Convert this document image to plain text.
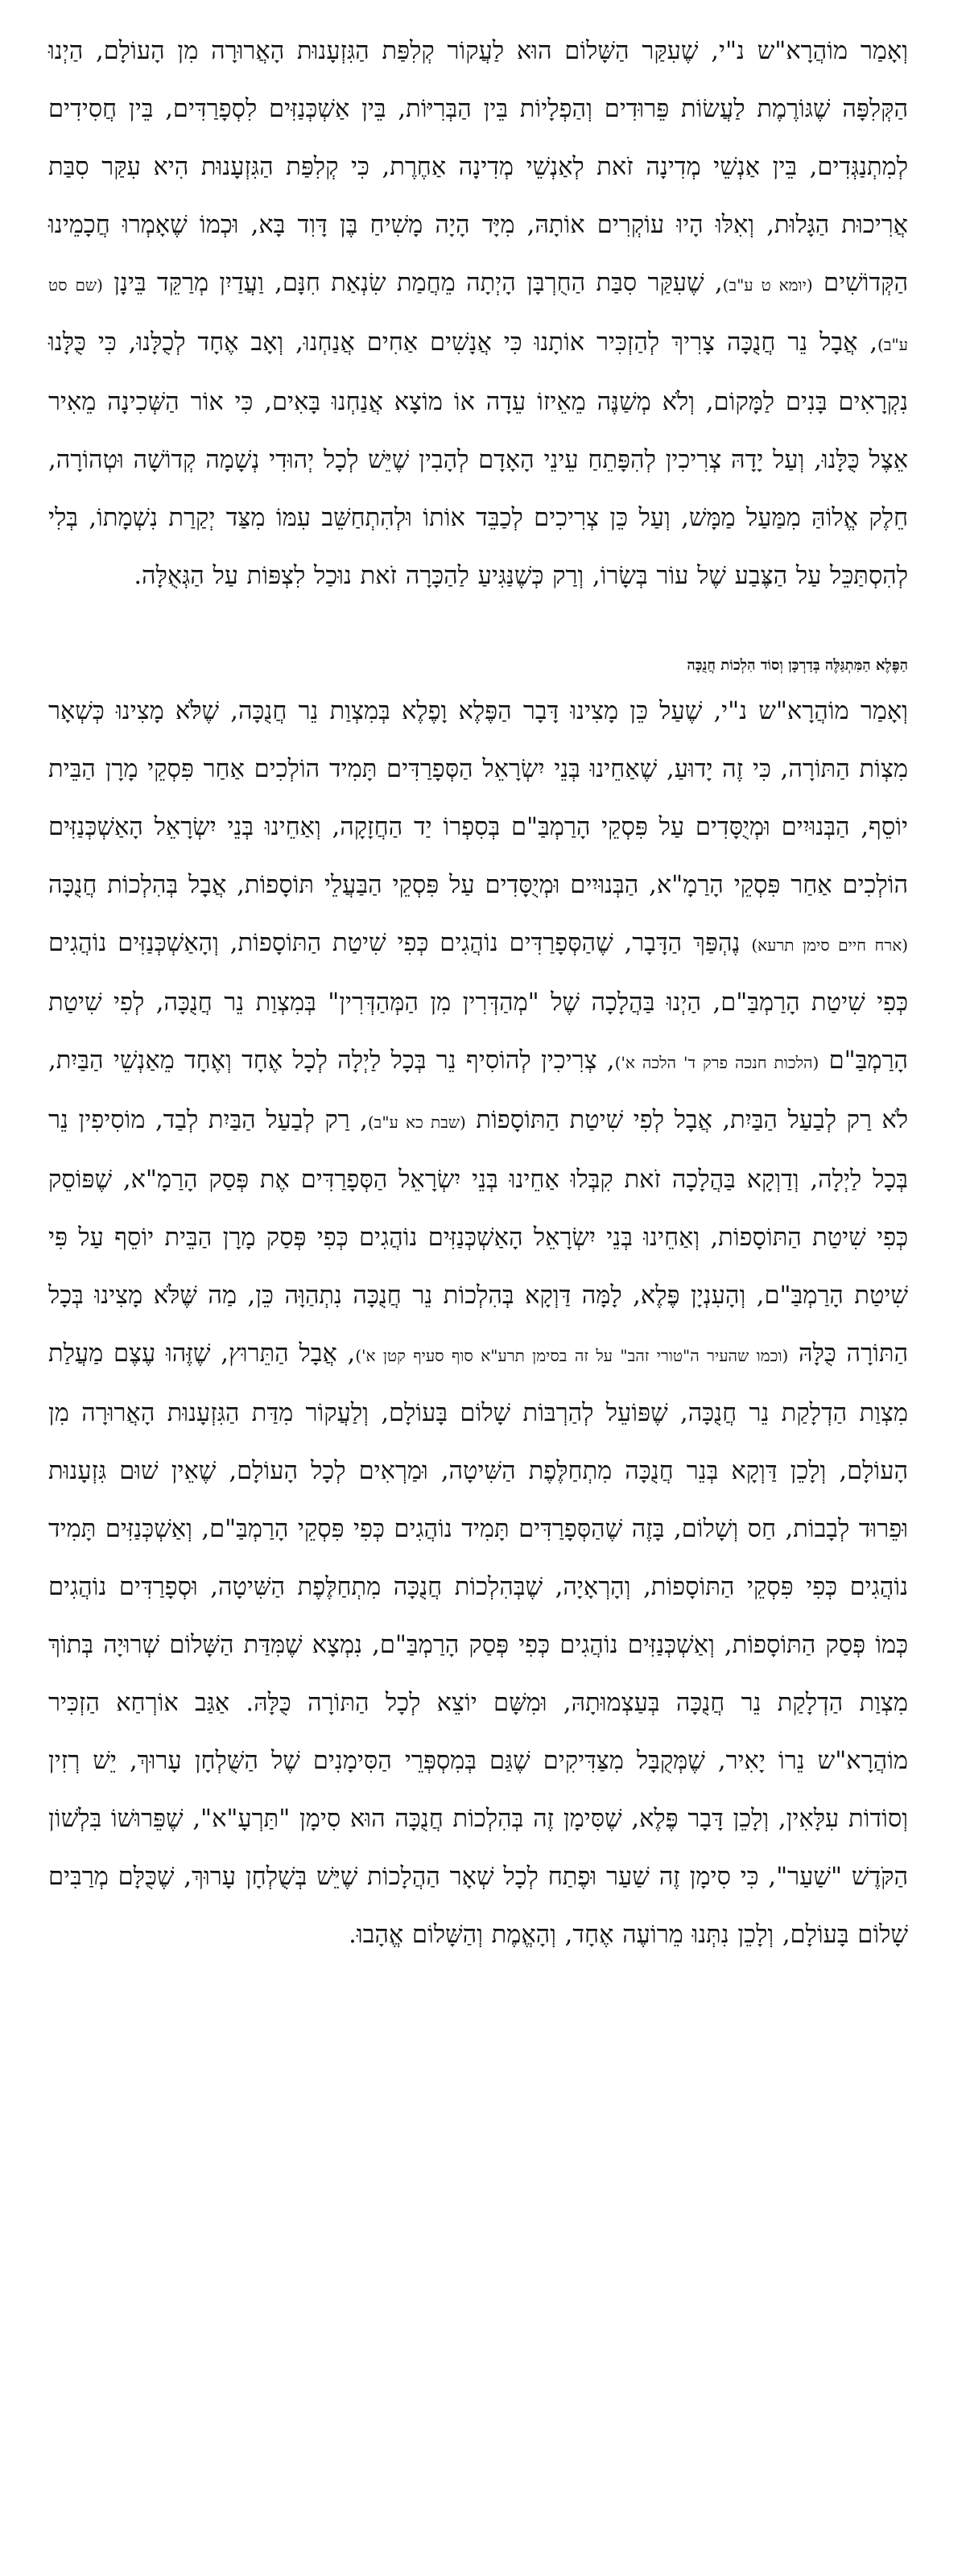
וְאָמַר מוֹהֲרָא"ש נ"י, שֶׁעִקַּר הַשָּׁלוֹם הוּא לַעֲקוֹר קְלִפַּת הַגִּזְעָנוּת הָאֲרוּרָה מִן הָעוֹלָם, הַיְנוּ הַקְּלִפָּה שֶׁגּוֹרֶמֶת לַעֲשׂוֹת פֵּרוּדִים וְהַפְלָיוֹת בֵּין הַבְּרִיּוֹת, בֵּין אַשְׁכְּנַזִּים לִסְפָרַדִּים, בֵּין חֲסִידִים לְמִתְנַגְּדִים, בֵּין אַנְשֵׁי מְדִינָה זֹאת לְאַנְשֵׁי מְדִינָה אַחֶרֶת, כִּי קְלִפַּת הַגִּזְעָנוּת הִיא עִקַּר סִבַּת אֲרִיכוּת הַגָּלוּת, וְאִלּוּ הָיוּ עוֹקְרִים אוֹתָהּ, מִיָּד הָיָה מָשִׁיחַ בֶּן דָּוִד בָּא, וּכְמוֹ שֶׁאָמְרוּ חֲכָמֵינוּ הַקְּדוֹשִׁים (יומא ט ע"ב), שֶׁעִקַּר סִבַּת הַחֻרְבָּן הָיְתָה מֵחֲמַת שִׂנְאַת חִנָּם, וַעֲדַיִן מְרַקֵּד בֵּינָן (שם סט ע"ב), אֲבָל נֵר חֲנֻכָּה צָרִיךְ לְהַזְכִּיר אוֹתָנוּ כִּי אֲנָשִׁים אַחִים אֲנַחְנוּ, וְאָב אֶחָד לְכֻלָּנוּ, כִּי כֻּלָּנוּ נִקְרָאִים בָּנִים לַמָּקוֹם, וְלֹא מְשַׁנֶּה מֵאֵיזוֹ עֵדָה אוֹ מוֹצָא אֲנַחְנוּ בָּאִים, כִּי אוֹר הַשְּׁכִינָה מֵאִיר אֵצֶל כֻּלָּנוּ, וְעַל יָדָהּ צְרִיכִין לְהִפָּתֵחַ עֵינֵי הָאָדָם לְהָבִין שֶׁיֵּשׁ לְכָל יְהוּדִי נְשָׁמָה קְדוֹשָׁה וּטְהוֹרָה, חֵלֶק אֱלוֹהַּ מִמַּעַל מַמָּשׁ, וְעַל כֵּן צְרִיכִים לְכַבֵּד אוֹתוֹ וּלְהִתְחַשֵּׁב עִמּוֹ מִצַּד יְקַרַת נִשְׁמָתוֹ, בְּלִי לְהִסְתַּכֵּל עַל הַצֶּבַע שֶׁל עוֹר בְּשָׂרוֹ, וְרַק כְּשֶׁנַּגִּיעַ לַהַכָּרָה זֹאת נוּכַל לִצְפּוֹת עַל הַגְּאֻלָּה.

הַפֶּלֶא הַמִּתְגַּלֶּה בְּדַרְכָּן וְסוֹד הִלְכוֹת חֲנֻכָּה

וְאָמַר מוֹהֲרָא"ש נ"י, שֶׁעַל כֵּן מָצִינוּ דָּבָר הַפֶּלֶא וָפֶלֶא בְּמִצְוַת נֵר חֲנֻכָּה, שֶׁלֹּא מָצִינוּ כְּשְׁאָר מִצְוֹת הַתּוֹרָה, כִּי זֶה יָדוּעַ, שֶׁאַחֵינוּ בְּנֵי יִשְׂרָאֵל הַסְּפָרַדִּים תָּמִיד הוֹלְכִים אַחַר פִּסְקֵי מָרָן הַבֵּית יוֹסֵף, הַבְּנוּיִים וּמְיֻסָּדִים עַל פִּסְקֵי הָרַמְבַּ"ם בְּסִפְרוֹ יַד הַחֲזָקָה, וְאַחֵינוּ בְּנֵי יִשְׂרָאֵל הָאַשְׁכְּנַזִּים הוֹלְכִים אַחַר פִּסְקֵי הָרַמָ"א, הַבְּנוּיִים וּמְיֻסָּדִים עַל פִּסְקֵי הַבַּעֲלֵי תּוֹסָפוֹת, אֲבָל בְּהִלְכוֹת חֲנֻכָּה (ארח חיים סימן תרעא) נֶהְפַּךְ הַדָּבָר, שֶׁהַסְּפָרַדִּים נוֹהֲגִים כְּפִי שִׁיטַת הַתּוֹסָפוֹת, וְהָאַשְׁכְּנַזִּים נוֹהֲגִים כְּפִי שִׁיטַת הָרַמְבַּ"ם, הַיְנוּ בַּהֲלָכָה שֶׁל "מְהַדְּרִין מִן הַמְּהַדְּרִין" בְּמִצְוַת נֵר חֲנֻכָּה, לְפִי שִׁיטַת הָרַמְבַּ"ם (הלכות חנכה פרק ד' הלכה א'), צְרִיכִין לְהוֹסִיף נֵר בְּכָל לַיְלָה לְכָל אֶחָד וְאֶחָד מֵאַנְשֵׁי הַבַּיִת, לֹא רַק לְבַעַל הַבַּיִת, אֲבָל לְפִי שִׁיטַת הַתּוֹסָפוֹת (שבת כא ע"ב), רַק לְבַעַל הַבַּיִת לְבַד, מוֹסִיפִין נֵר בְּכָל לַיְלָה, וְדַוְקָא בַּהֲלָכָה זֹאת קִבְּלוּ אַחֵינוּ בְּנֵי יִשְׂרָאֵל הַסְּפָרַדִּים אֶת פְּסַק הָרַמָ"א, שֶׁפּוֹסֵק כְּפִי שִׁיטַת הַתּוֹסָפוֹת, וְאַחֵינוּ בְּנֵי יִשְׂרָאֵל הָאַשְׁכְּנַזִּים נוֹהֲגִים כְּפִי פְּסַק מָרָן הַבֵּית יוֹסֵף עַל פִּי שִׁיטַת הָרַמְבַּ"ם, וְהָעִנְיָן פֶּלֶא, לָמָּה דַּוְקָא בְּהִלְכוֹת נֵר חֲנֻכָּה נִתְהַוָּה כֵּן, מַה שֶּׁלֹּא מָצִינוּ בְּכָל הַתּוֹרָה כֻּלָּהּ (וכמו שהעיר ה"טורי זהב" על זה בסימן תרע"א סוף סעיף קטן א'), אֲבָל הַתֵּרוּץ, שֶׁזֶּהוּ עֶצֶם מַעֲלַת מִצְוַת הַדְלָקַת נֵר חֲנֻכָּה, שֶׁפּוֹעֵל לְהַרְבּוֹת שָׁלוֹם בָּעוֹלָם, וְלַעֲקוֹר מִדַּת הַגִּזְעָנוּת הָאֲרוּרָה מִן הָעוֹלָם, וְלָכֵן דַּוְקָא בְּנֵר חֲנֻכָּה מִתְחַלֶּפֶת הַשִּׁיטָה, וּמַרְאִים לְכָל הָעוֹלָם, שֶׁאֵין שׁוּם גִּזְעָנוּת וּפֵרוּד לְבָבוֹת, חַס וְשָׁלוֹם, בָּזֶה שֶׁהַסְּפָרַדִּים תָּמִיד נוֹהֲגִים כְּפִי פִּסְקֵי הָרַמְבַּ"ם, וְאַשְׁכְּנַזִּים תָּמִיד נוֹהֲגִים כְּפִי פִּסְקֵי הַתּוֹסָפוֹת, וְהָרְאָיָה, שֶׁבְּהִלְכוֹת חֲנֻכָּה מִתְחַלֶּפֶת הַשִּׁיטָה, וּסְפָרַדִּים נוֹהֲגִים כְּמוֹ פְּסַק הַתּוֹסָפוֹת, וְאַשְׁכְּנַזִּים נוֹהֲגִים כְּפִי פְּסַק הָרַמְבַּ"ם, נִמְצָא שֶׁמִּדַּת הַשָּׁלוֹם שְׁרוּיָה בְּתוֹךְ מִצְוַת הַדְלָקַת נֵר חֲנֻכָּה בְּעַצְמוּתָהּ, וּמִשָּׁם יוֹצֵא לְכָל הַתּוֹרָה כֻּלָּהּ. אַגַּב אוֹרְחַא הַזְכִּיר מוֹהֲרָא"ש נֵרוֹ יָאִיר, שֶׁמְּקֻבָּל מִצַּדִּיקִים שֶׁגַּם בְּמִסְפְּרֵי הַסִּימָנִים שֶׁל הַשֻּׁלְחָן עָרוּךְ, יֵשׁ רְזִין וְסוֹדוֹת עִלָּאִין, וְלָכֵן דָּבָר פֶּלֶא, שֶׁסִּימָן זֶה בְּהִלְכוֹת חֲנֻכָּה הוּא סִימָן "תַּרְעָ"א", שֶׁפֵּרוּשׁוֹ בִּלְשׁוֹן הַקֹּדֶשׁ "שַׁעַר", כִּי סִימָן זֶה שַׁעַר וּפֶתַח לְכָל שְׁאָר הַהֲלָכוֹת שֶׁיֵּשׁ בְּשֻׁלְחָן עָרוּךְ, שֶׁכֻּלָּם מְרַבִּים שָׁלוֹם בָּעוֹלָם, וְלָכֵן נִתְּנוּ מֵרוֹעֶה אֶחָד, וְהָאֱמֶת וְהַשָּׁלוֹם אֱהָבוּ.
